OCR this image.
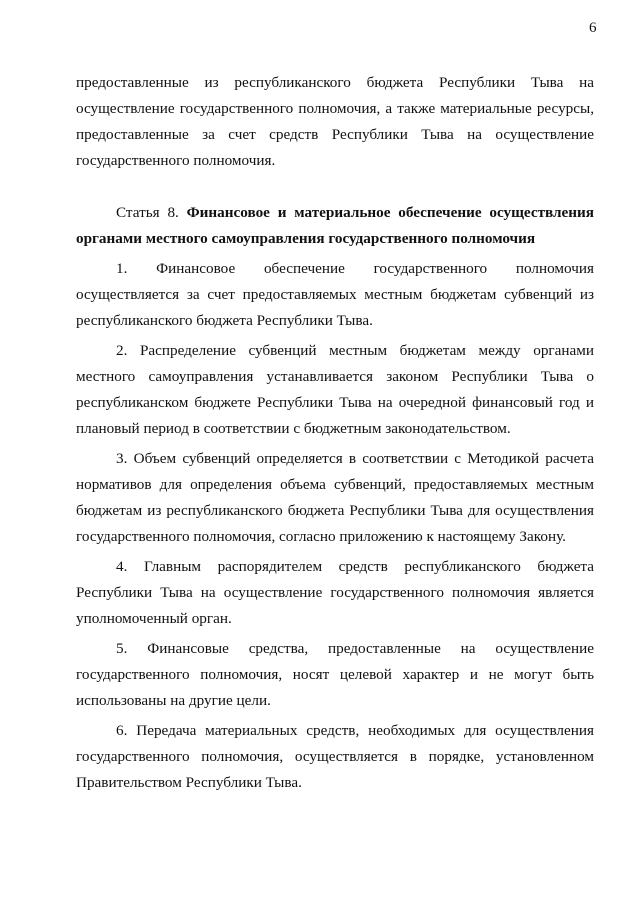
6

предоставленные из республиканского бюджета Республики Тыва на осуществление государственного полномочия, а также материальные ресурсы, предоставленные за счет средств Республики Тыва на осуществление государственного полномочия.

Статья 8. Финансовое и материальное обеспечение осуществления органами местного самоуправления государственного полномочия

1. Финансовое обеспечение государственного полномочия осуществляется за счет предоставляемых местным бюджетам субвенций из республиканского бюджета Республики Тыва.

2. Распределение субвенций местным бюджетам между органами местного самоуправления устанавливается законом Республики Тыва о республиканском бюджете Республики Тыва на очередной финансовый год и плановый период в соответствии с бюджетным законодательством.

3. Объем субвенций определяется в соответствии с Методикой расчета нормативов для определения объема субвенций, предоставляемых местным бюджетам из республиканского бюджета Республики Тыва для осуществления государственного полномочия, согласно приложению к настоящему Закону.

4. Главным распорядителем средств республиканского бюджета Республики Тыва на осуществление государственного полномочия является уполномоченный орган.

5. Финансовые средства, предоставленные на осуществление государственного полномочия, носят целевой характер и не могут быть использованы на другие цели.

6. Передача материальных средств, необходимых для осуществления государственного полномочия, осуществляется в порядке, установленном Правительством Республики Тыва.
